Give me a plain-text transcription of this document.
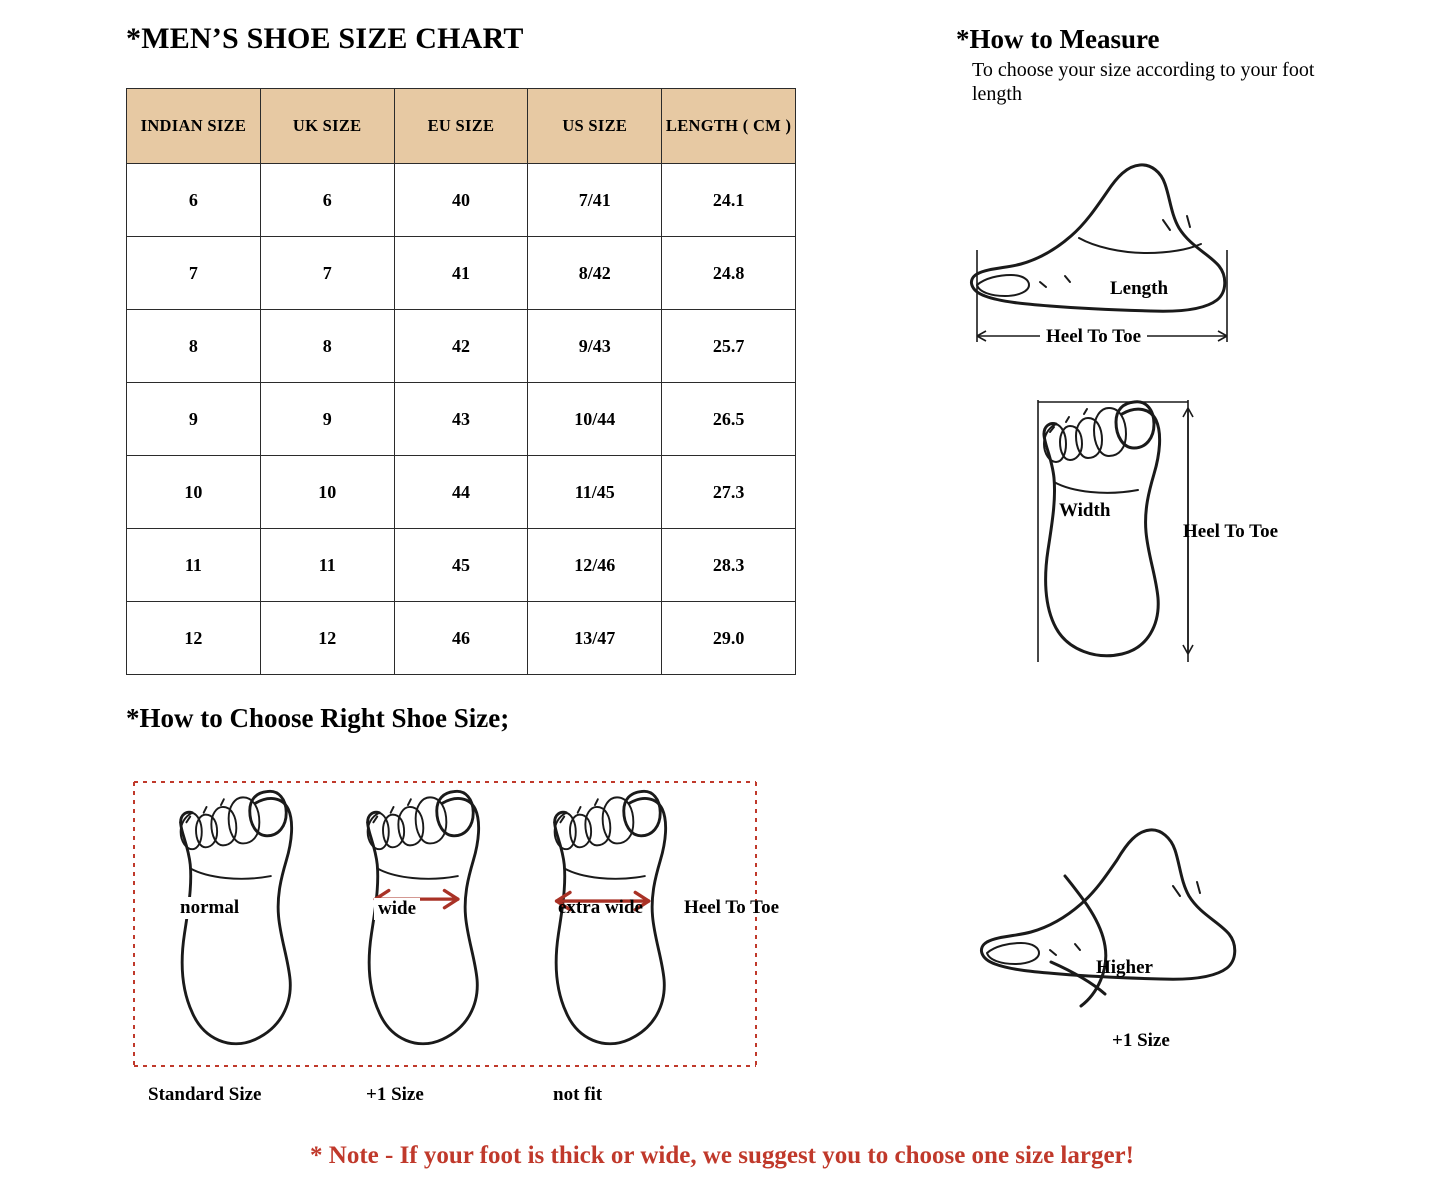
*MEN’S SHOE SIZE CHART
INDIAN SIZE	UK SIZE	EU SIZE	US SIZE	LENGTH ( CM )
6	6	40	7/41	24.1
7	7	41	8/42	24.8
8	8	42	9/43	25.7
9	9	43	10/44	26.5
10	10	44	11/45	27.3
11	11	45	12/46	28.3
12	12	46	13/47	29.0
*How to Measure
To choose your size according to your foot length
Length
Heel To Toe
Width
Heel To Toe
*How to Choose Right Shoe Size;
normal	wide	extra wide Heel To Toe
Standard Size	+1 Size	not fit
Higher
+1 Size
* Note - If your foot is thick or wide, we suggest you to choose one size larger!
